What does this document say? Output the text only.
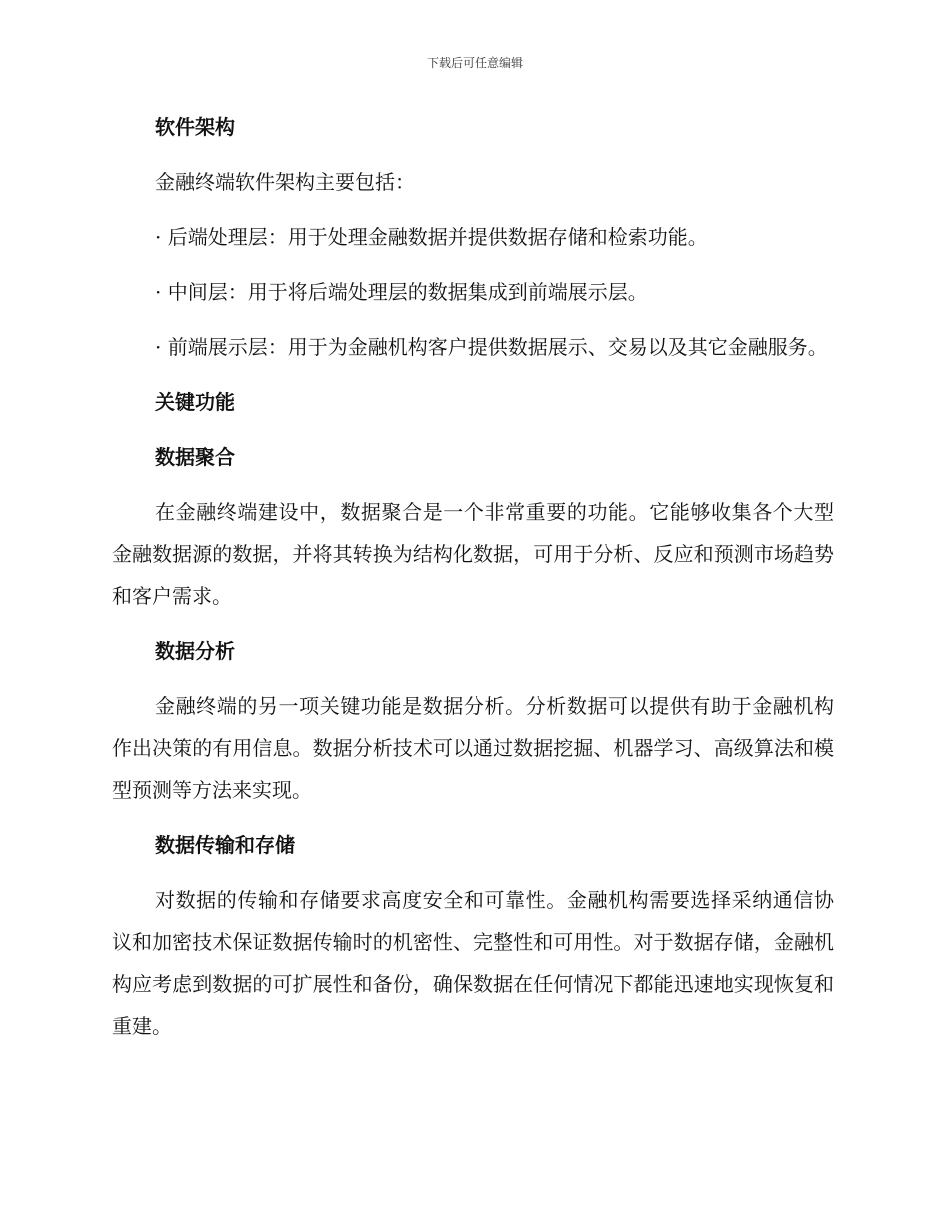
下载后可任意编辑
软件架构
金融终端软件架构主要包括：
· 后端处理层：用于处理金融数据并提供数据存储和检索功能。
· 中间层：用于将后端处理层的数据集成到前端展示层。
· 前端展示层：用于为金融机构客户提供数据展示、交易以及其它金融服务。
关键功能
数据聚合
在金融终端建设中，数据聚合是一个非常重要的功能。它能够收集各个大型金融数据源的数据，并将其转换为结构化数据，可用于分析、反应和预测市场趋势和客户需求。
数据分析
金融终端的另一项关键功能是数据分析。分析数据可以提供有助于金融机构作出决策的有用信息。数据分析技术可以通过数据挖掘、机器学习、高级算法和模型预测等方法来实现。
数据传输和存储
对数据的传输和存储要求高度安全和可靠性。金融机构需要选择采纳通信协议和加密技术保证数据传输时的机密性、完整性和可用性。对于数据存储，金融机构应考虑到数据的可扩展性和备份，确保数据在任何情况下都能迅速地实现恢复和重建。
